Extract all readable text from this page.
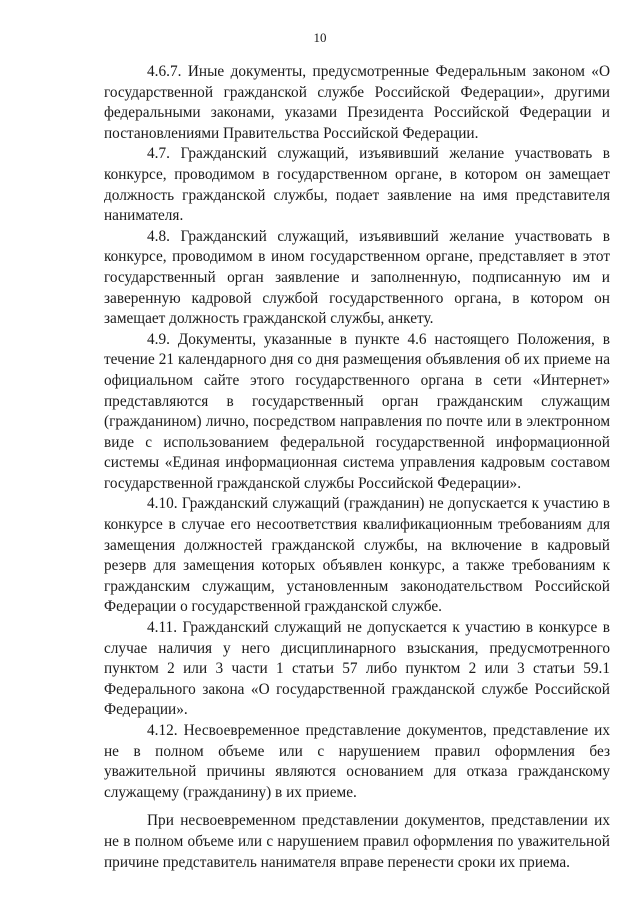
10

4.6.7. Иные документы, предусмотренные Федеральным законом «О государственной гражданской службе Российской Федерации», другими федеральными законами, указами Президента Российской Федерации и постановлениями Правительства Российской Федерации.

4.7. Гражданский служащий, изъявивший желание участвовать в конкурсе, проводимом в государственном органе, в котором он замещает должность гражданской службы, подает заявление на имя представителя нанимателя.

4.8. Гражданский служащий, изъявивший желание участвовать в конкурсе, проводимом в ином государственном органе, представляет в этот государственный орган заявление и заполненную, подписанную им и заверенную кадровой службой государственного органа, в котором он замещает должность гражданской службы, анкету.

4.9. Документы, указанные в пункте 4.6 настоящего Положения, в течение 21 календарного дня со дня размещения объявления об их приеме на официальном сайте этого государственного органа в сети «Интернет» представляются в государственный орган гражданским служащим (гражданином) лично, посредством направления по почте или в электронном виде с использованием федеральной государственной информационной системы «Единая информационная система управления кадровым составом государственной гражданской службы Российской Федерации».

4.10. Гражданский служащий (гражданин) не допускается к участию в конкурсе в случае его несоответствия квалификационным требованиям для замещения должностей гражданской службы, на включение в кадровый резерв для замещения которых объявлен конкурс, а также требованиям к гражданским служащим, установленным законодательством Российской Федерации о государственной гражданской службе.

4.11. Гражданский служащий не допускается к участию в конкурсе в случае наличия у него дисциплинарного взыскания, предусмотренного пунктом 2 или 3 части 1 статьи 57 либо пунктом 2 или 3 статьи 59.1 Федерального закона «О государственной гражданской службе Российской Федерации».

4.12. Несвоевременное представление документов, представление их не в полном объеме или с нарушением правил оформления без уважительной причины являются основанием для отказа гражданскому служащему (гражданину) в их приеме.

При несвоевременном представлении документов, представлении их не в полном объеме или с нарушением правил оформления по уважительной причине представитель нанимателя вправе перенести сроки их приема.
